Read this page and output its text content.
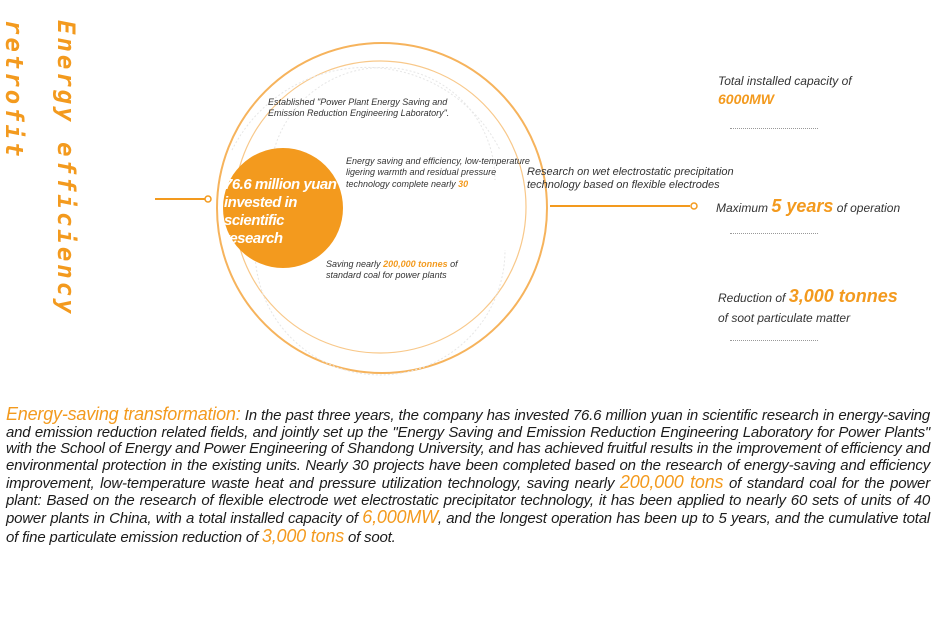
Energy efficiency retrofit
76.6 million yuan
invested in
scientific research
Established "Power Plant Energy Saving and Emission Reduction Engineering Laboratory".
Energy saving and efficiency, low-temperature ligering warmth and residual pressure technology complete nearly 30
Saving nearly 200,000 tonnes of standard coal for power plants
Research on wet electrostatic precipitation technology based on flexible electrodes
Total installed capacity of
6000MW
Maximum 5 years of operation
Reduction of 3,000 tonnes
of soot particulate matter
Energy-saving transformation: In the past three years, the company has invested 76.6 million yuan in scientific research in energy-saving and emission reduction related fields, and jointly set up the "Energy Saving and Emission Reduction Engineering Laboratory for Power Plants" with the School of Energy and Power Engineering of Shandong University, and has achieved fruitful results in the improvement of efficiency and environmental protection in the existing units. Nearly 30 projects have been completed based on the research of energy-saving and efficiency improvement, low-temperature waste heat and pressure utilization technology, saving nearly 200,000 tons of standard coal for the power plant: Based on the research of flexible electrode wet electrostatic precipitator technology, it has been applied to nearly 60 sets of units of 40 power plants in China, with a total installed capacity of 6,000MW, and the longest operation has been up to 5 years, and the cumulative total of fine particulate emission reduction of 3,000 tons of soot.
